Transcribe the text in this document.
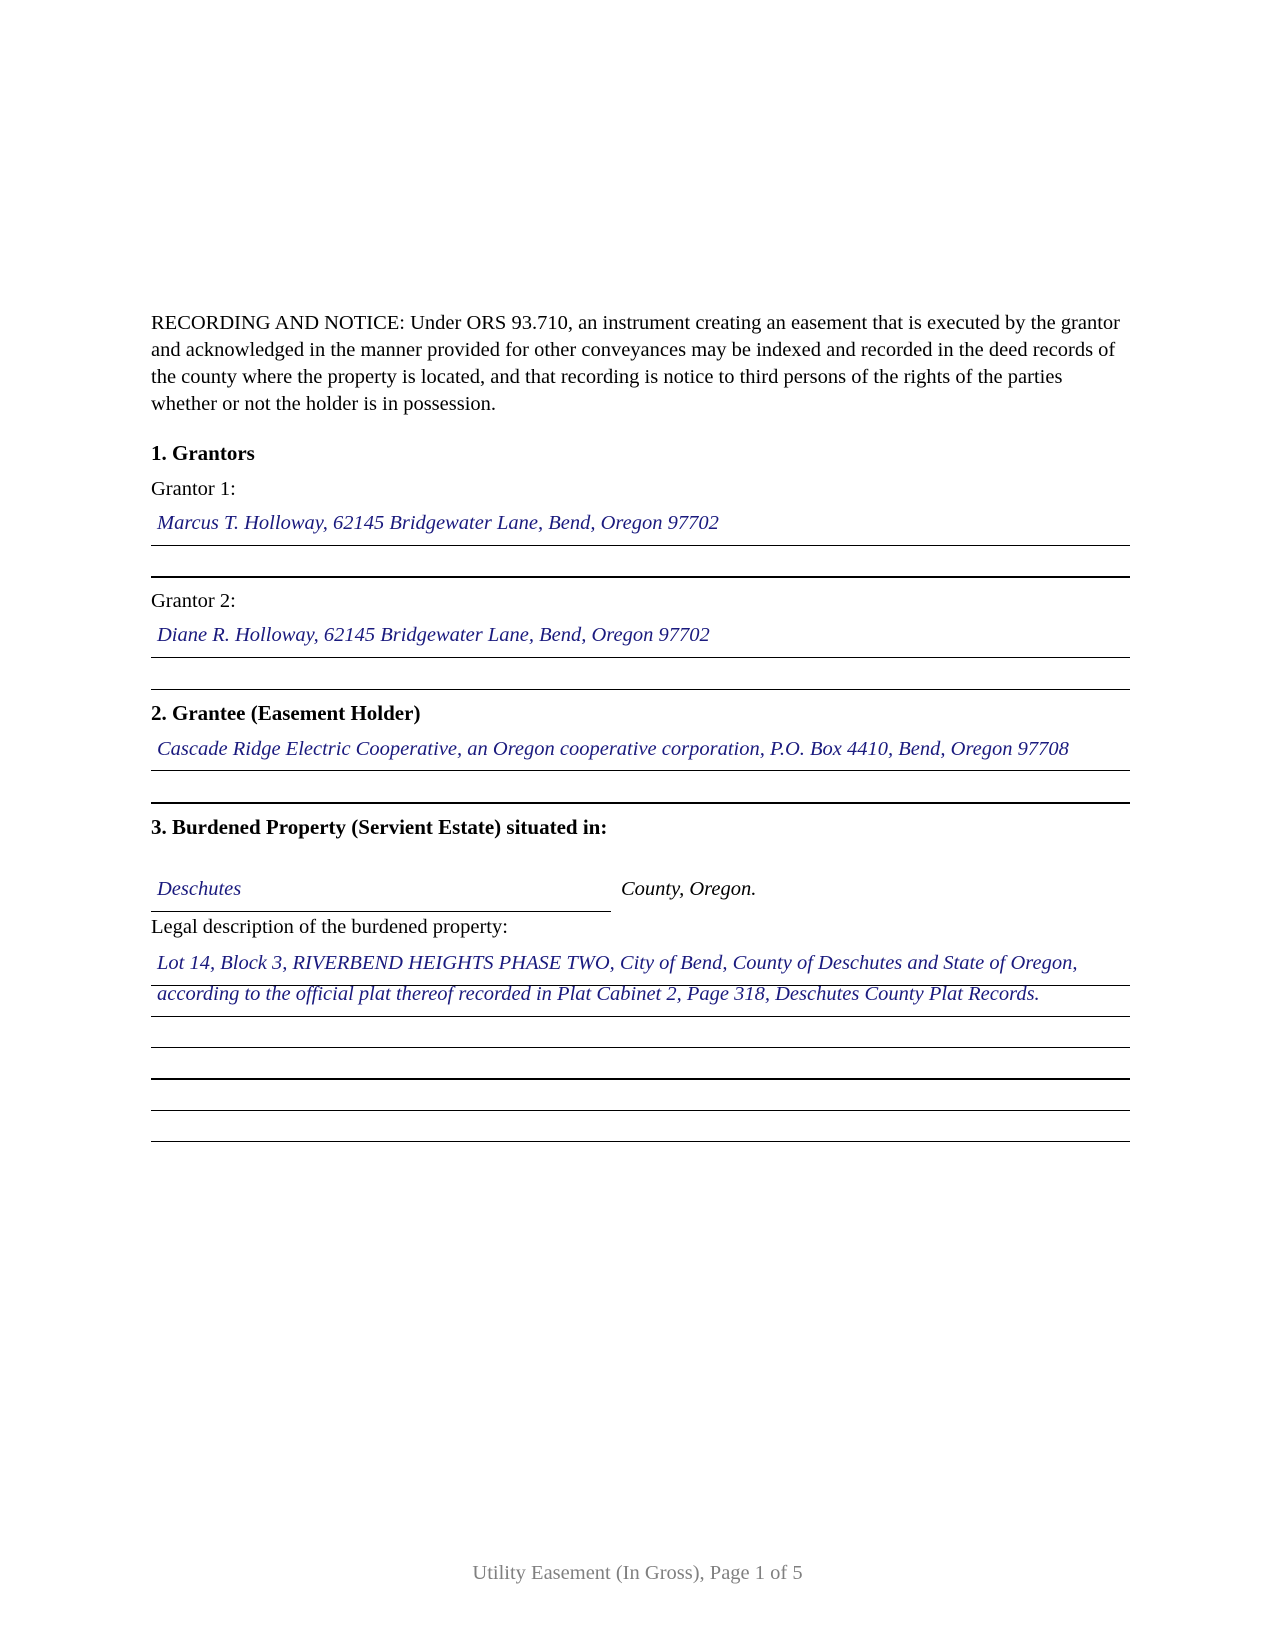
RECORDING AND NOTICE: Under ORS 93.710, an instrument creating an easement that is executed by the grantor and acknowledged in the manner provided for other conveyances may be indexed and recorded in the deed records of the county where the property is located, and that recording is notice to third persons of the rights of the parties whether or not the holder is in possession.

1. Grantors
Grantor 1:
Marcus T. Holloway, 62145 Bridgewater Lane, Bend, Oregon 97702
Grantor 2:
Diane R. Holloway, 62145 Bridgewater Lane, Bend, Oregon 97702
2. Grantee (Easement Holder)
Cascade Ridge Electric Cooperative, an Oregon cooperative corporation, P.O. Box 4410, Bend, Oregon 97708
3. Burdened Property (Servient Estate) situated in:
Deschutes	County, Oregon.
Legal description of the burdened property:
Lot 14, Block 3, RIVERBEND HEIGHTS PHASE TWO, City of Bend, County of Deschutes and State of Oregon,
according to the official plat thereof recorded in Plat Cabinet 2, Page 318, Deschutes County Plat Records.
Utility Easement (In Gross), Page 1 of 5
